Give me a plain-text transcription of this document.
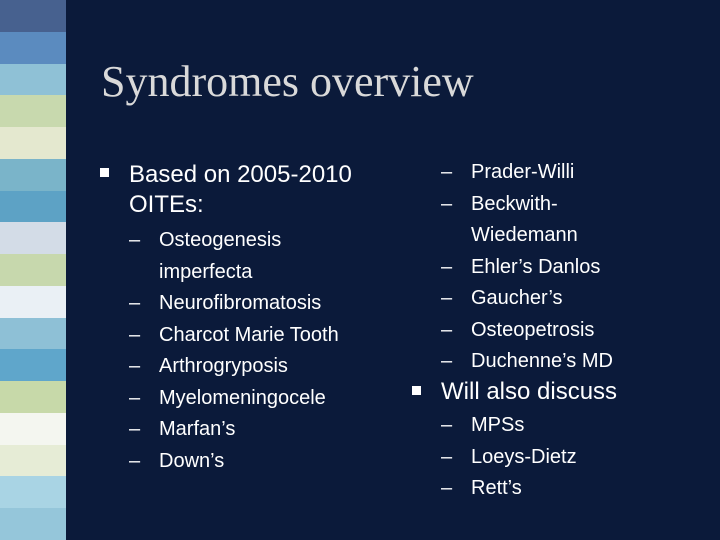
Syndromes overview
Based on 2005-2010
OITEs:
– Osteogenesis
imperfecta
– Neurofibromatosis
– Charcot Marie Tooth
– Arthrogryposis
– Myelomeningocele
– Marfan’s
– Down’s
– Prader-Willi
– Beckwith-
Wiedemann
– Ehler’s Danlos
– Gaucher’s
– Osteopetrosis
– Duchenne’s MD
Will also discuss
– MPSs
– Loeys-Dietz
– Rett’s
